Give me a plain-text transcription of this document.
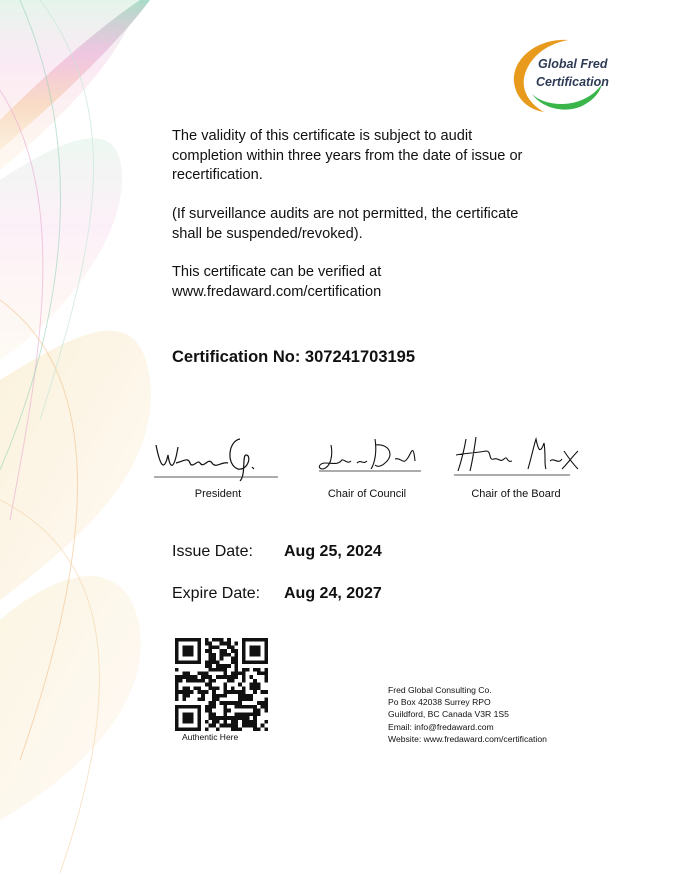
Global Fred
Certification

The validity of this certificate is subject to audit completion within three years from the date of issue or recertification.

(If surveillance audits are not permitted, the certificate shall be suspended/revoked).

This certificate can be verified at
www.fredaward.com/certification
Certification No: 307241703195
President	Chair of Council	Chair of the Board
Issue Date: Aug 25, 2024
Expire Date: Aug 24, 2027
Authentic Here
Fred Global Consulting Co.
Po Box 42038 Surrey RPO
Guildford, BC Canada V3R 1S5
Email: info@fredaward.com
Website: www.fredaward.com/certification
